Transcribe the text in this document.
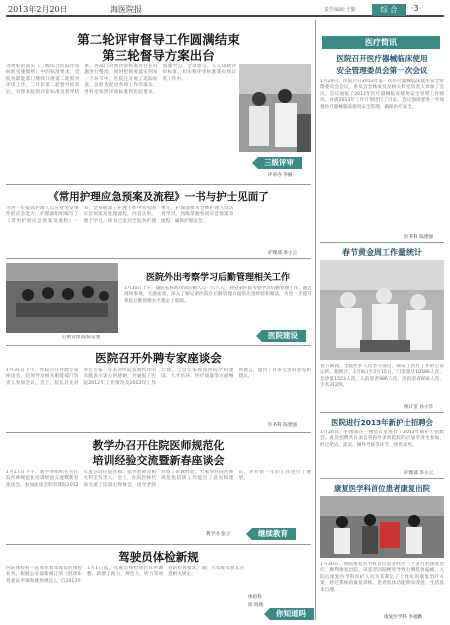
2013年2月20日	海医院报	责任编辑:王勤	综 合	·3·
第二轮评审督导工作圆满结束
第三轮督导方案出台
为更好的落实《三级综合医院评审标准实施细则》中的标准要求，全院各职能部门继续开展第二轮督导评审工作，二月份第二轮督导结束后，对照本院的评审标准及督导结果，各部门对照评审标准对存在问题进行整改，同时把制度落实到每一个环节中。医院还开展了追踪检查，以检查促进各项工作的落实。各科室按照评审标准和医院要求，加强学习，全员参与，人人知晓评审标准，切实将评审标准落实到日常工作中。
三级评审
评审办 李丽
《常用护理应急预案及流程》一书与护士见面了
为进一步提高护理人员应对突发事件的应急能力，护理部组织编写了《常用护理应急预案及流程》一书，全书收录了护理工作中常见的应急预案及处理流程，内容实用，便于学习。该书已发到全院各护理单元，护理部要求全体护理人员认真学习，熟练掌握各项应急预案及流程，确保护理安全。
护理部 李小云
后勤管理部/陈安强
医院外出考察学习后勤管理相关工作
1月30日上午，副院长杨辉带领后勤人员一行八人，到兄弟医院考察学习后勤管理工作。通过现场参观、交流座谈，深入了解兄弟医院在后勤管理方面的先进经验和做法，为进一步提升我院后勤管理水平奠定了基础。
医院建设
医院召开外聘专家座谈会
1月31日下午，医院召开外聘专家座谈会。院领导及相关职能部门负责人参加会议。会上，院长首先对各位专家一年来对医院发展所作的贡献表示衷心的感谢，并通报了医院2012年工作情况及2013年工作计划。与会专家围绕医院学科建设、人才培养、医疗质量等方面畅所欲言，提出了许多宝贵的意见和建议。
医务科 陈建强
教学办召开住院医师规范化
培训经验交流暨新春座谈会
1月17日下午，教学办组织召开住院医师规范化培训经验交流暨新春座谈会。参加座谈会的有我院2012年度在培住院医师、指导老师及相关科室负责人。会上，住院医师代表交流了培训心得体会，指导老师介绍了带教经验。大家对住院医师规范化培训工作提出了意见和建议，并对新一年的工作进行了展望。
继续教育
教学办 张立
驾驶员体检新规
医院体检科一直承担着驾驶员的体检业务。根据公安部新修订的《机动车驾驶证申领和使用规定》，自2013年1月1日起，驾驶员体检项目有所调整，新增了视力、辨色力、听力等项目的检查要求，请广大驾驶员朋友注意相关规定。
体检科
徐 海燕
你知道吗
医疗简讯
医院召开医疗器械临床使用
安全管理委员会第一次会议
1月29日，医院召开2013年第一次医疗器械临床使用安全管理委员会会议。委员会全体成员及相关科室负责人参加了会议。会议通报了2012年医疗器械临床使用安全管理工作情况，并就2013年工作计划进行了讨论。会议强调要进一步加强医疗器械临床使用安全管理，确保医疗安全。
医务科 陈建强
春节黄金周工作量统计
春节期间，全院医护人员坚守岗位，保证了医疗工作的正常运转。据统计，2月9日至2月15日，门诊量达10586人次，急诊量1523人次，入院患者986人次，出院患者856人次，手术312例。
统计室 孙小华
医院进行2013年新护士招聘会
1月26日，护理部在三楼会议室进行了2013年新护士招聘会。此次招聘共有来自省内外多所院校的应届毕业生参加，经过笔试、面试、操作考核等环节，择优录用。
护理部 李小云
康复医学科首位患者康复出院
1月30日，我院康复医学科首位患者经过一个多月的康复治疗，顺利康复出院。该患者因脑梗死导致右侧肢体偏瘫，入院后康复医学科医护人员为其制定了个性化的康复治疗方案，经过系统的康复训练，患者肢体功能明显改善，生活基本自理。
康复医学科 李福勤
